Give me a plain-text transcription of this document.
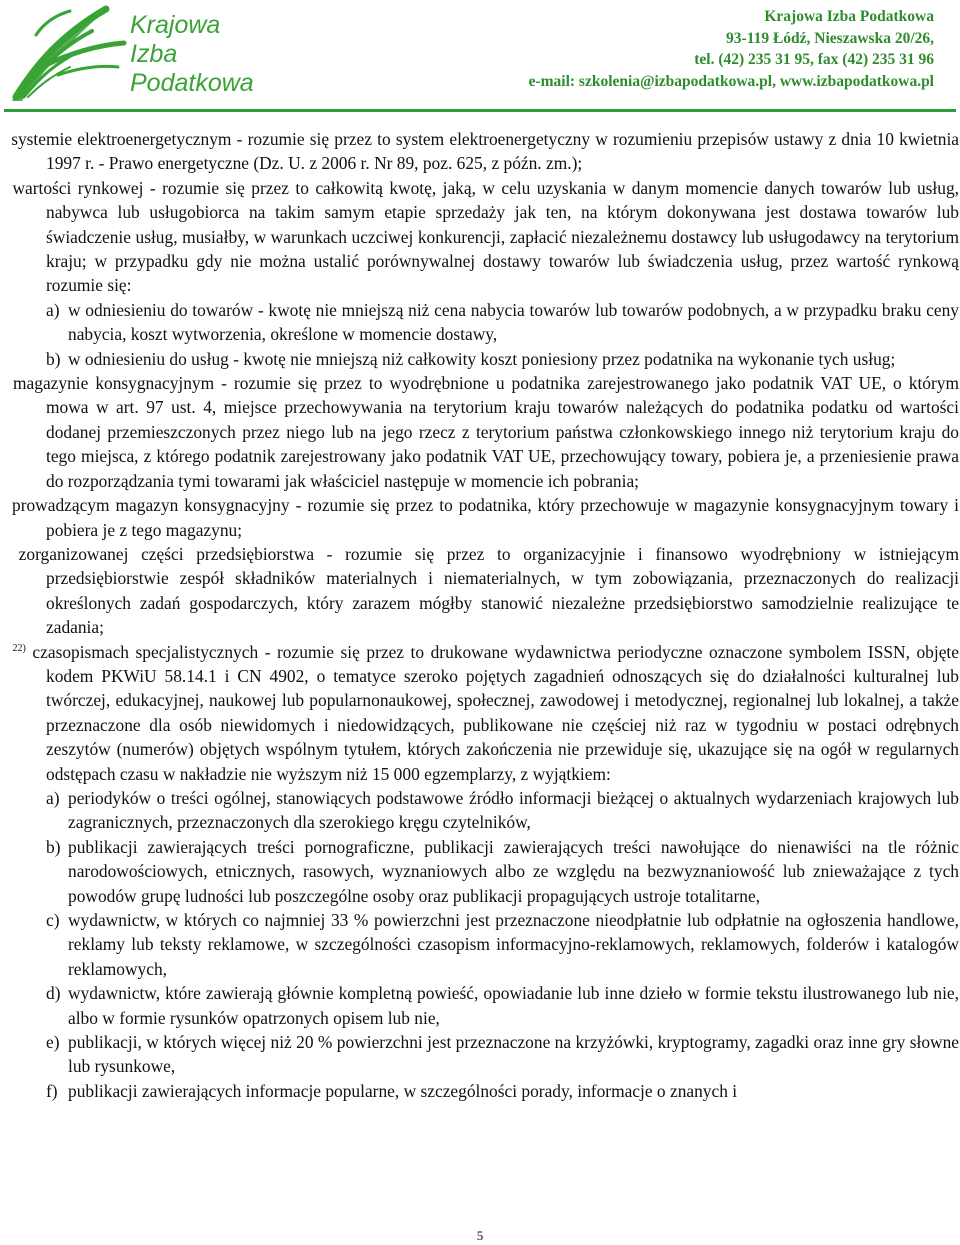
Krajowa
Izba
Podatkowa
Krajowa Izba Podatkowa
93-119 Łódź, Nieszawska 20/26,
tel. (42) 235 31 95, fax (42) 235 31 96
e-mail: szkolenia@izbapodatkowa.pl, www.izbapodatkowa.pl

systemie elektroenergetycznym - rozumie się przez to system elektroenergetyczny w rozumieniu przepisów ustawy z dnia 10 kwietnia 1997 r. - Prawo energetyczne (Dz. U. z 2006 r. Nr 89, poz. 625, z późn. zm.);

wartości rynkowej - rozumie się przez to całkowitą kwotę, jaką, w celu uzyskania w danym momencie danych towarów lub usług, nabywca lub usługobiorca na takim samym etapie sprzedaży jak ten, na którym dokonywana jest dostawa towarów lub świadczenie usług, musiałby, w warunkach uczciwej konkurencji, zapłacić niezależnemu dostawcy lub usługodawcy na terytorium kraju; w przypadku gdy nie można ustalić porównywalnej dostawy towarów lub świadczenia usług, przez wartość rynkową rozumie się:

a) w odniesieniu do towarów - kwotę nie mniejszą niż cena nabycia towarów lub towarów podobnych, a w przypadku braku ceny nabycia, koszt wytworzenia, określone w momencie dostawy,

b) w odniesieniu do usług - kwotę nie mniejszą niż całkowity koszt poniesiony przez podatnika na wykonanie tych usług;

magazynie konsygnacyjnym - rozumie się przez to wyodrębnione u podatnika zarejestrowanego jako podatnik VAT UE, o którym mowa w art. 97 ust. 4, miejsce przechowywania na terytorium kraju towarów należących do podatnika podatku od wartości dodanej przemieszczonych przez niego lub na jego rzecz z terytorium państwa członkowskiego innego niż terytorium kraju do tego miejsca, z którego podatnik zarejestrowany jako podatnik VAT UE, przechowujący towary, pobiera je, a przeniesienie prawa do rozporządzania tymi towarami jak właściciel następuje w momencie ich pobrania;

prowadzącym magazyn konsygnacyjny - rozumie się przez to podatnika, który przechowuje w magazynie konsygnacyjnym towary i pobiera je z tego magazynu;

zorganizowanej części przedsiębiorstwa - rozumie się przez to organizacyjnie i finansowo wyodrębniony w istniejącym przedsiębiorstwie zespół składników materialnych i niematerialnych, w tym zobowiązania, przeznaczonych do realizacji określonych zadań gospodarczych, który zarazem mógłby stanowić niezależne przedsiębiorstwo samodzielnie realizujące te zadania;

$^{22)}$ czasopismach specjalistycznych - rozumie się przez to drukowane wydawnictwa periodyczne oznaczone symbolem ISSN, objęte kodem PKWiU 58.14.1 i CN 4902, o tematyce szeroko pojętych zagadnień odnoszących się do działalności kulturalnej lub twórczej, edukacyjnej, naukowej lub popularnonaukowej, społecznej, zawodowej i metodycznej, regionalnej lub lokalnej, a także przeznaczone dla osób niewidomych i niedowidzących, publikowane nie częściej niż raz w tygodniu w postaci odrębnych zeszytów (numerów) objętych wspólnym tytułem, których zakończenia nie przewiduje się, ukazujące się na ogół w regularnych odstępach czasu w nakładzie nie wyższym niż 15 000 egzemplarzy, z wyjątkiem:

a) periodyków o treści ogólnej, stanowiących podstawowe źródło informacji bieżącej o aktualnych wydarzeniach krajowych lub zagranicznych, przeznaczonych dla szerokiego kręgu czytelników,

b) publikacji zawierających treści pornograficzne, publikacji zawierających treści nawołujące do nienawiści na tle różnic narodowościowych, etnicznych, rasowych, wyznaniowych albo ze względu na bezwyznaniowość lub znieważające z tych powodów grupę ludności lub poszczególne osoby oraz publikacji propagujących ustroje totalitarne,

c) wydawnictw, w których co najmniej 33 % powierzchni jest przeznaczone nieodpłatnie lub odpłatnie na ogłoszenia handlowe, reklamy lub teksty reklamowe, w szczególności czasopism informacyjno-reklamowych, reklamowych, folderów i katalogów reklamowych,

d) wydawnictw, które zawierają głównie kompletną powieść, opowiadanie lub inne dzieło w formie tekstu ilustrowanego lub nie, albo w formie rysunków opatrzonych opisem lub nie,

e) publikacji, w których więcej niż 20 % powierzchni jest przeznaczone na krzyżówki, kryptogramy, zagadki oraz inne gry słowne lub rysunkowe,

f) publikacji zawierających informacje popularne, w szczególności porady, informacje o znanych i

5
